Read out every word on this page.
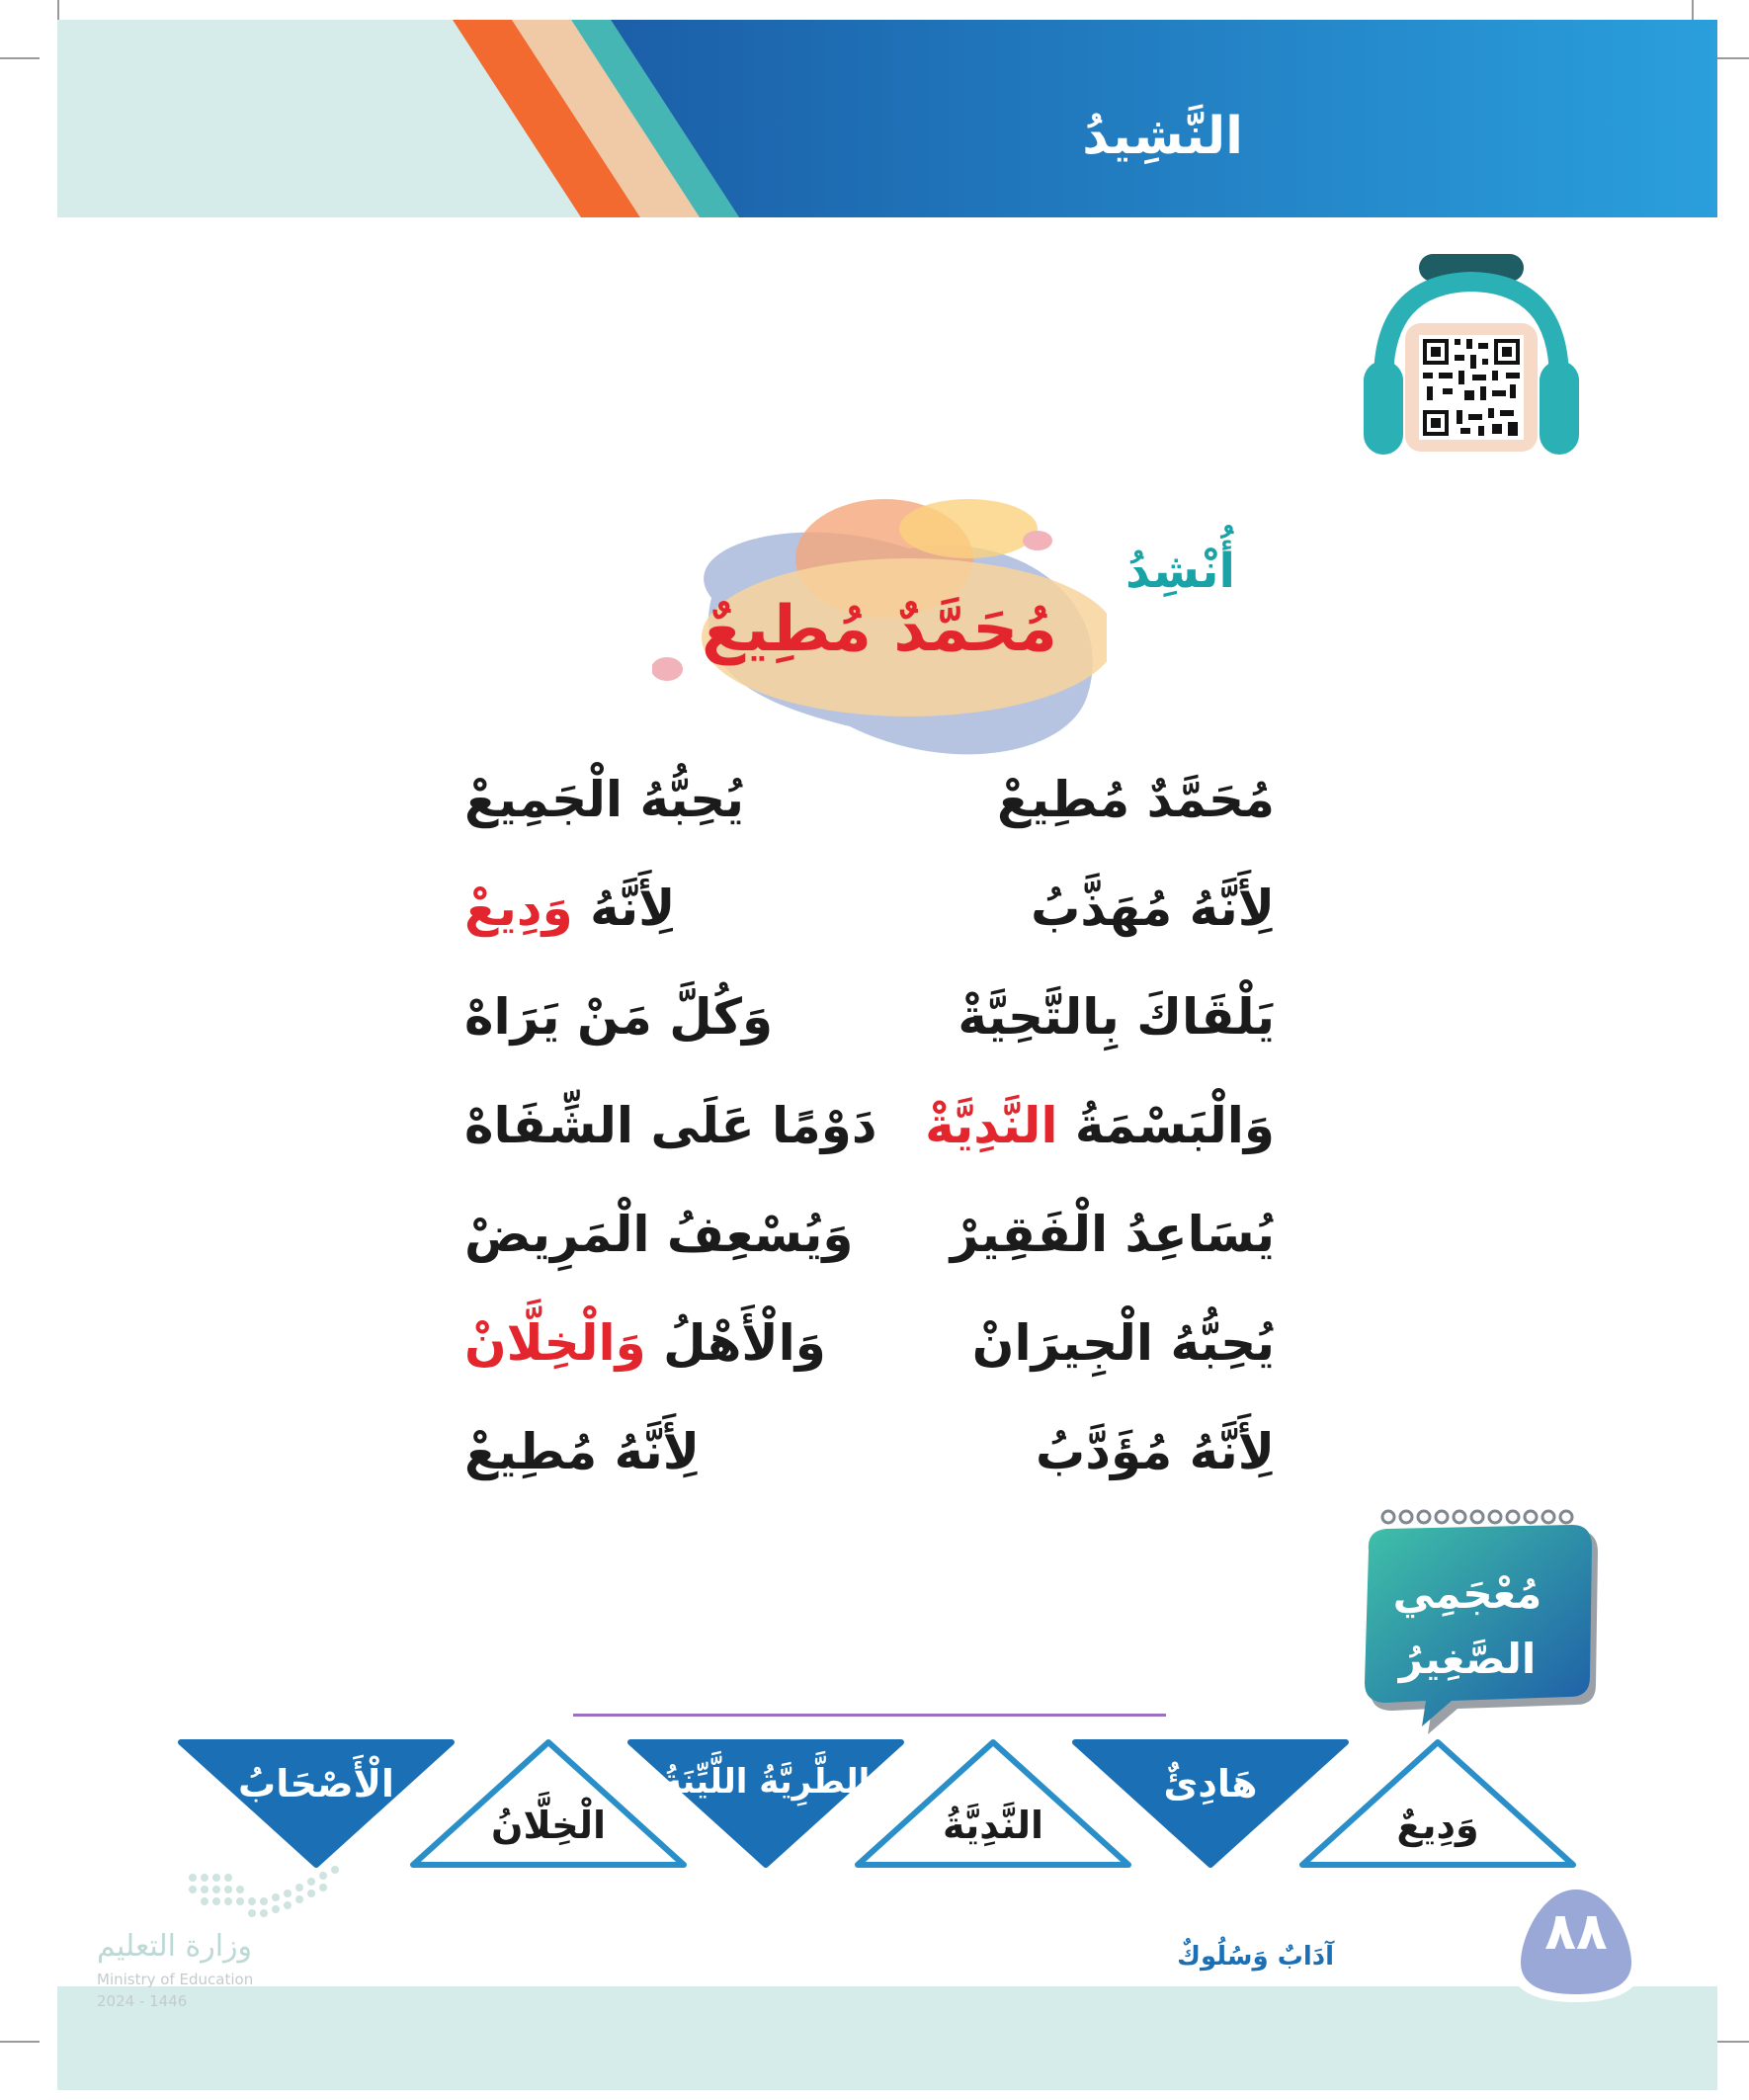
النَّشِيدُ
أُنْشِدُ
مُحَمَّدٌ مُطِيعٌ
مُحَمَّدٌ مُطِيعْ
يُحِبُّهُ الْجَمِيعْ
لِأَنَّهُ مُهَذَّبُ
لِأَنَّهُ وَدِيعْ
يَلْقَاكَ بِالتَّحِيَّةْ
وَكُلَّ مَنْ يَرَاهْ
وَالْبَسْمَةُ النَّدِيَّةْ
دَوْمًا عَلَى الشِّفَاهْ
يُسَاعِدُ الْفَقِيرْ
وَيُسْعِفُ الْمَرِيضْ
يُحِبُّهُ الْجِيرَانْ
وَالْأَهْلُ وَالْخِلَّانْ
لِأَنَّهُ مُؤَدَّبُ
لِأَنَّهُ مُطِيعْ
مُعْجَمِي
الصَّغِيرُ
وَدِيعٌ
هَادِئٌ
النَّدِيَّةُ
الطَّرِيَّةُ اللَّيِّنَةُ
الْخِلَّانُ
الْأَصْحَابُ
٨٨
آدَابٌ وَسُلُوكٌ
وزارة التعليم
Ministry of Education
2024 - 1446
